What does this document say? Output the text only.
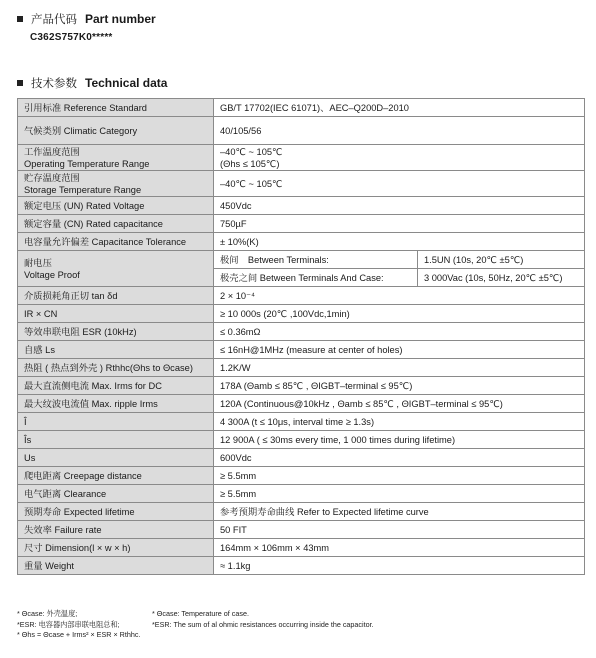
产品代码 Part number
C362S757K0*****
技术参数 Technical data
引用标准 Reference Standard	GB/T 17702(IEC 61071)、AEC–Q200D–2010	
气候类别 Climatic Category	40/105/56	
工作温度范围
Operating Temperature Range	–40℃ ~ 105℃
(Θhs ≤ 105℃)	
贮存温度范围
Storage Temperature Range	–40℃ ~ 105℃	
额定电压 (UN) Rated Voltage	450Vdc	
额定容量 (CN) Rated capacitance	750µF	
电容量允许偏差 Capacitance Tolerance	± 10%(K)	
耐电压
Voltage Proof	极间　Between Terminals:	1.5UN (10s, 20℃ ±5℃)
	极壳之间 Between Terminals And Case:	3 000Vac (10s, 50Hz, 20℃ ±5℃)
介质损耗角正切 tan δd	2 × 10⁻⁴	
IR × CN	≥ 10 000s (20℃ ,100Vdc,1min)	
等效串联电阻 ESR (10kHz)	≤ 0.36mΩ	
自感 Ls	≤ 16nH@1MHz (measure at center of holes)	
热阻 ( 热点到外壳 ) Rthhc(Θhs to Θcase)	1.2K/W	
最大直流侧电流 Max. Irms for DC	178A (Θamb ≤ 85℃ , ΘIGBT–terminal ≤ 95℃)	
最大纹波电流值 Max. ripple Irms	120A (Continuous@10kHz , Θamb ≤ 85℃ , ΘIGBT–terminal ≤ 95℃)	
Î	4 300A (t ≤ 10μs, interval time ≥ 1.3s)	
Îs	12 900A ( ≤ 30ms every time, 1 000 times during lifetime)	
Us	600Vdc	
爬电距离 Creepage distance	≥ 5.5mm	
电气距离 Clearance	≥ 5.5mm	
预期寿命 Expected lifetime	参考预期寿命曲线 Refer to Expected lifetime curve	
失效率 Failure rate	50 FIT	
尺寸 Dimension(l × w × h)	164mm × 106mm × 43mm	
重量 Weight	≈ 1.1kg	
* Θcase: 外壳温度;
*ESR: 电容器内部串联电阻总和;
* Θhs = Θcase + Irms² × ESR × Rthhc.
* Θcase: Temperature of case.
*ESR: The sum of al ohmic resistances occurring inside the capacitor.
